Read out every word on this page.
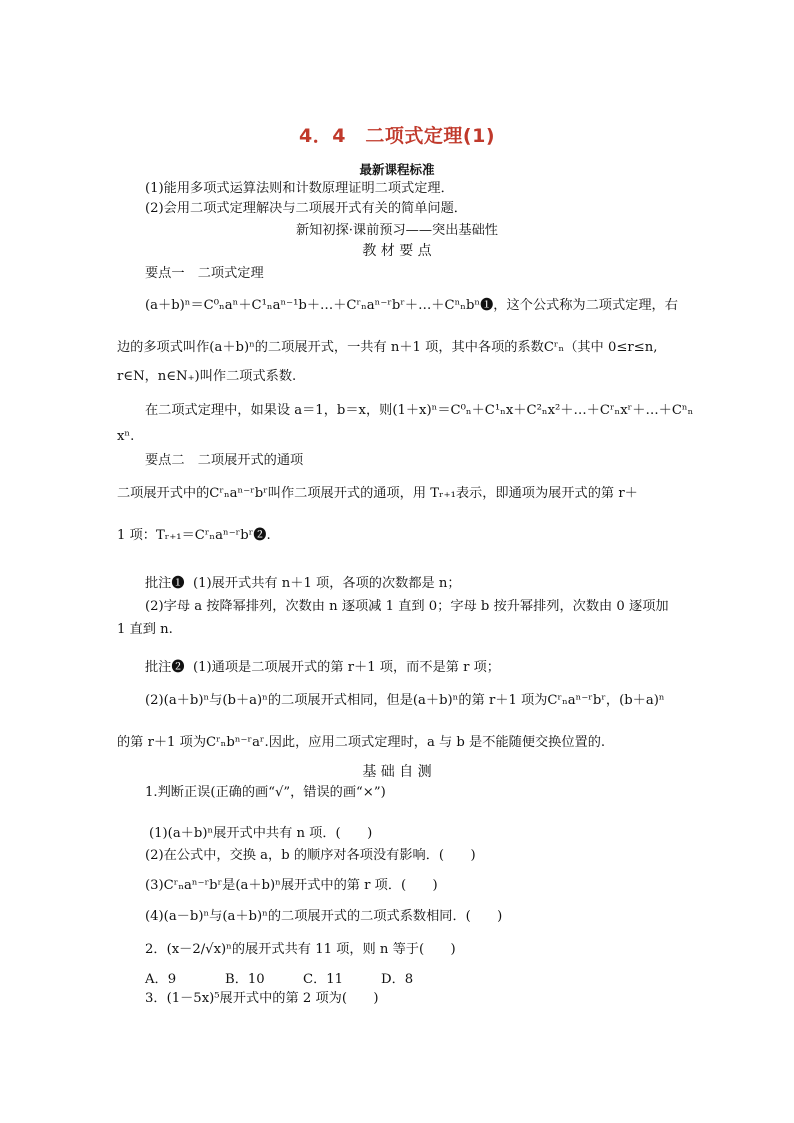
4．4　二项式定理(1)
最新课程标准
(1)能用多项式运算法则和计数原理证明二项式定理．
(2)会用二项式定理解决与二项展开式有关的简单问题．
新知初探·课前预习——突出基础性
教 材 要 点
要点一　二项式定理
(a＋b)ⁿ＝C⁰ₙaⁿ＋C¹ₙaⁿ⁻¹b＋…＋Cʳₙaⁿ⁻ʳbʳ＋…＋Cⁿₙbⁿ❶，这个公式称为二项式定理，右
边的多项式叫作(a＋b)ⁿ的二项展开式，一共有 n＋1 项，其中各项的系数Cʳₙ（其中 0≤r≤n,
r∈N，n∈N₊)叫作二项式系数.
在二项式定理中，如果设 a＝1，b＝x，则(1＋x)ⁿ＝C⁰ₙ＋C¹ₙx＋C²ₙx²＋…＋Cʳₙxʳ＋…＋Cⁿₙ
xⁿ.
要点二　二项展开式的通项
二项展开式中的Cʳₙaⁿ⁻ʳbʳ叫作二项展开式的通项，用 Tᵣ₊₁表示，即通项为展开式的第 r＋
1 项：Tᵣ₊₁＝Cʳₙaⁿ⁻ʳbʳ❷.
批注❶ (1)展开式共有 n＋1 项，各项的次数都是 n；
(2)字母 a 按降幂排列，次数由 n 逐项减 1 直到 0；字母 b 按升幂排列，次数由 0 逐项加
1 直到 n.
批注❷ (1)通项是二项展开式的第 r＋1 项，而不是第 r 项；
(2)(a＋b)ⁿ与(b＋a)ⁿ的二项展开式相同，但是(a＋b)ⁿ的第 r＋1 项为Cʳₙaⁿ⁻ʳbʳ，(b＋a)ⁿ
的第 r＋1 项为Cʳₙbⁿ⁻ʳaʳ.因此，应用二项式定理时，a 与 b 是不能随便交换位置的.
基 础 自 测
1.判断正误(正确的画“√”，错误的画“×”)
(1)(a＋b)ⁿ展开式中共有 n 项．(　　)
(2)在公式中，交换 a，b 的顺序对各项没有影响．(　　)
(3)Cʳₙaⁿ⁻ʳbʳ是(a＋b)ⁿ展开式中的第 r 项．(　　)
(4)(a－b)ⁿ与(a＋b)ⁿ的二项展开式的二项式系数相同．(　　)
2．(x－2/√x)ⁿ的展开式共有 11 项，则 n 等于(　　)
A．9	B．10	C．11	D．8
3．(1－5x)⁵展开式中的第 2 项为(　　)
